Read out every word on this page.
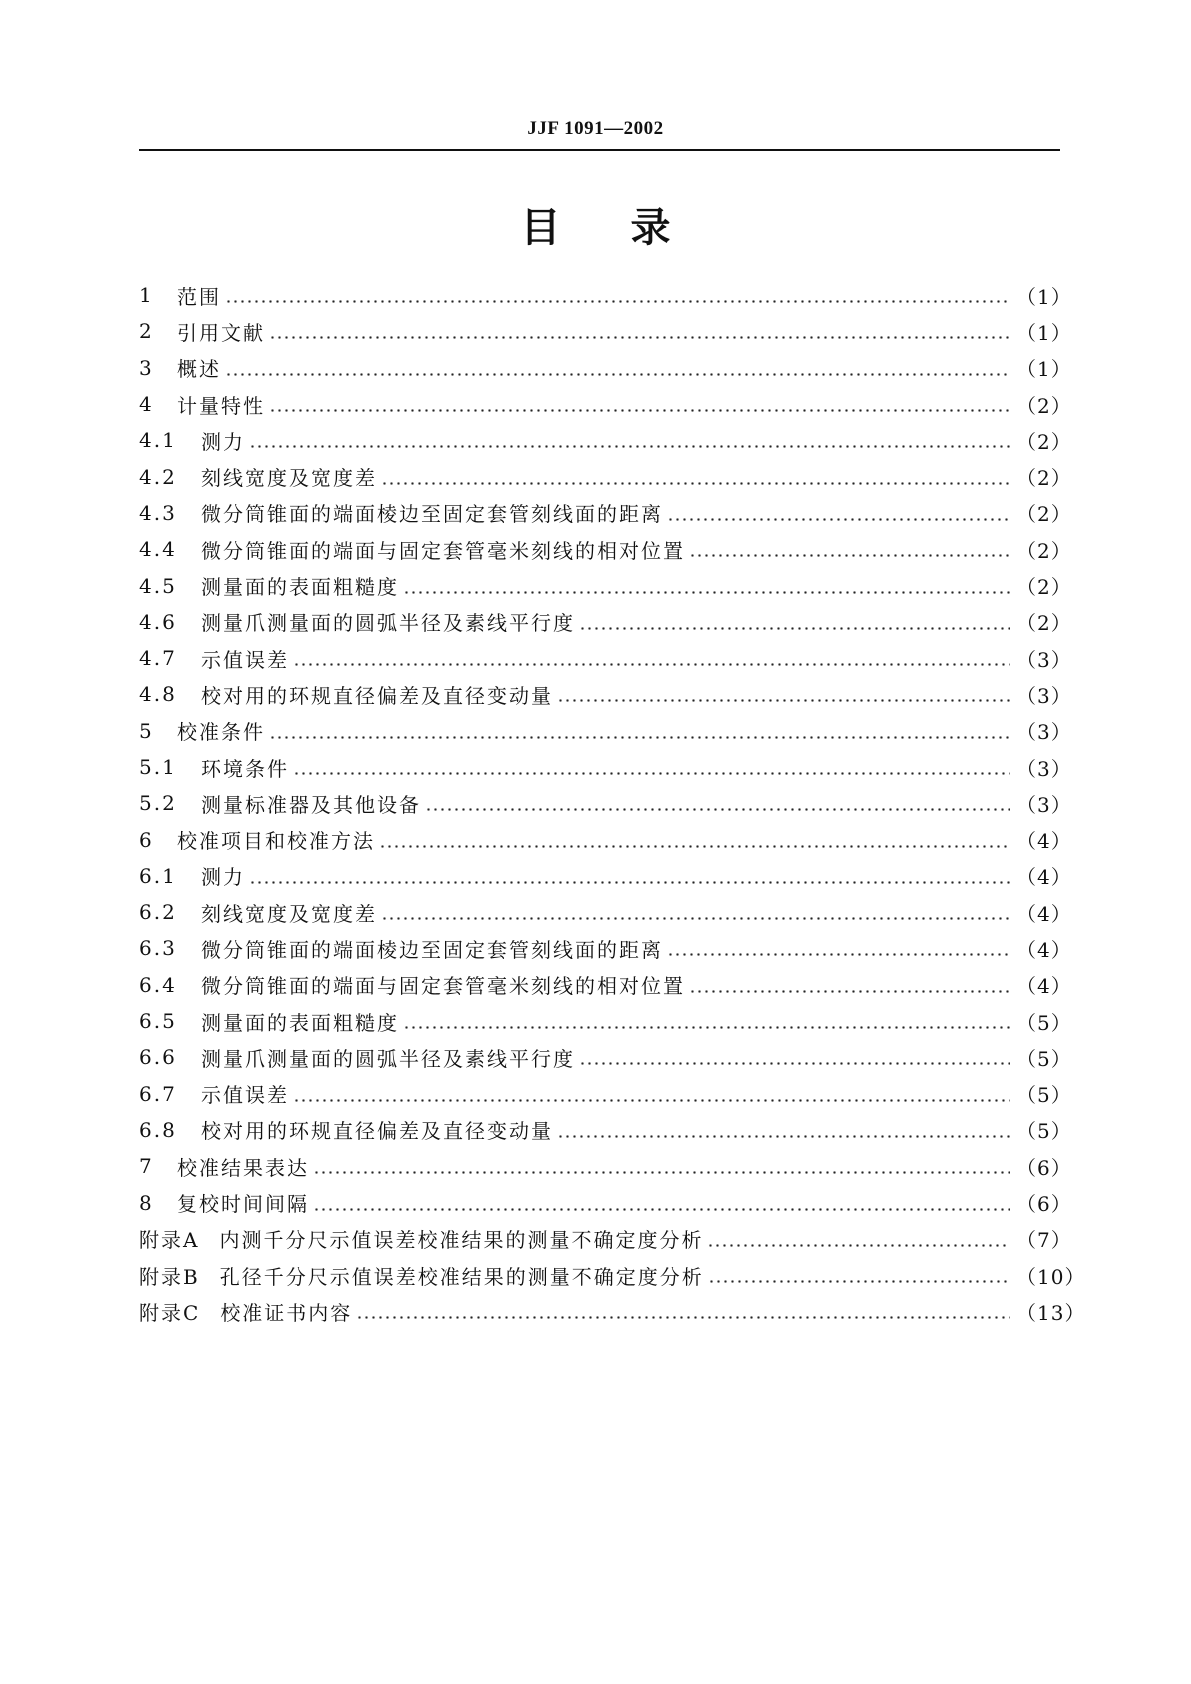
JJF 1091—2002
目录
1	范围	（1）
2	引用文献	（1）
3	概述	（1）
4	计量特性	（2）
4.1	测力	（2）
4.2	刻线宽度及宽度差	（2）
4.3	微分筒锥面的端面棱边至固定套管刻线面的距离	（2）
4.4	微分筒锥面的端面与固定套管毫米刻线的相对位置	（2）
4.5	测量面的表面粗糙度	（2）
4.6	测量爪测量面的圆弧半径及素线平行度	（2）
4.7	示值误差	（3）
4.8	校对用的环规直径偏差及直径变动量	（3）
5	校准条件	（3）
5.1	环境条件	（3）
5.2	测量标准器及其他设备	（3）
6	校准项目和校准方法	（4）
6.1	测力	（4）
6.2	刻线宽度及宽度差	（4）
6.3	微分筒锥面的端面棱边至固定套管刻线面的距离	（4）
6.4	微分筒锥面的端面与固定套管毫米刻线的相对位置	（4）
6.5	测量面的表面粗糙度	（5）
6.6	测量爪测量面的圆弧半径及素线平行度	（5）
6.7	示值误差	（5）
6.8	校对用的环规直径偏差及直径变动量	（5）
7	校准结果表达	（6）
8	复校时间间隔	（6）
附录A 内测千分尺示值误差校准结果的测量不确定度分析	（7）
附录B 孔径千分尺示值误差校准结果的测量不确定度分析	（10）
附录C 校准证书内容	（13）
